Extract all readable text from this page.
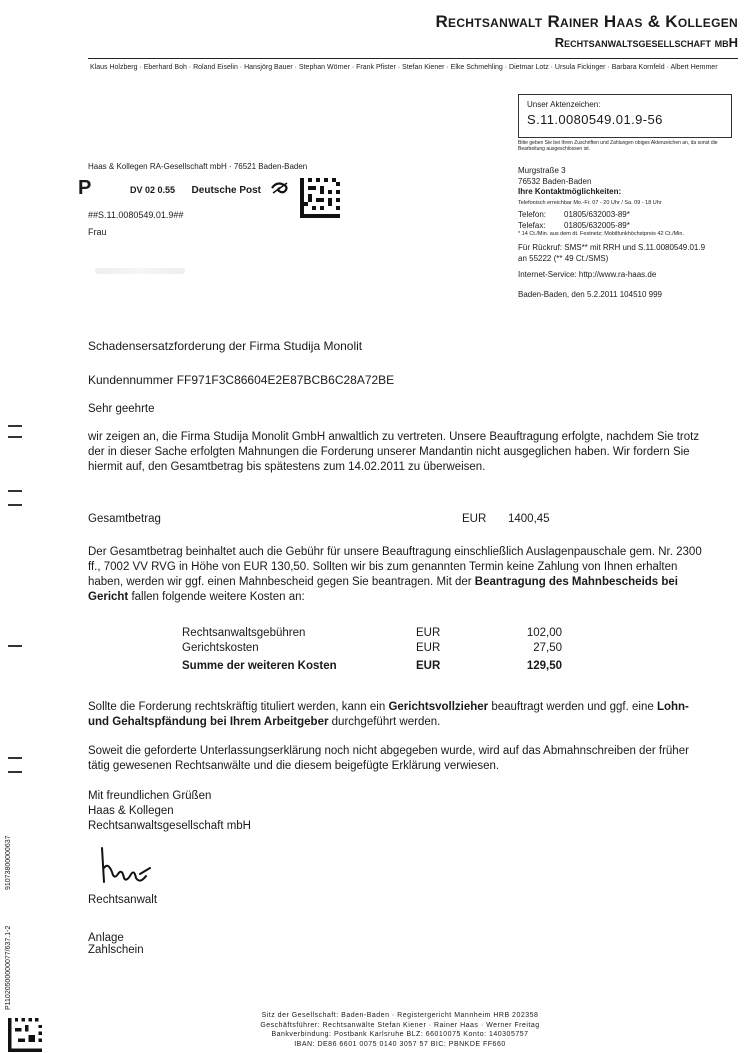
Rechtsanwalt Rainer Haas & Kollegen
Rechtsanwaltsgesellschaft mbH
Klaus Holzberg · Eberhard Boh · Roland Eiselin · Hansjörg Bauer · Stephan Wörner · Frank Pfister · Stefan Kiener · Elke Schmehling · Dietmar Lotz · Ursula Fickinger · Barbara Kornfeld · Albert Hemmer
Unser Aktenzeichen:
S.11.0080549.01.9-56
Bitte geben Sie bei Ihren Zuschriften und Zahlungen obiges Aktenzeichen an, da sonst die Bearbeitung ausgeschlossen ist.
Murgstraße 3
76532 Baden-Baden
Ihre Kontaktmöglichkeiten:
Telefonisch erreichbar Mo.-Fr. 07 - 20 Uhr / Sa. 09 - 18 Uhr
Telefon:	01805/632003-89*
Telefax:	01805/632005-89*
* 14 Ct./Min. aus dem dt. Festnetz; Mobilfunkhöchstpreis 42 Ct./Min.
Für Rückruf: SMS** mit RRH und S.11.0080549.01.9
an 55222 (** 49 Ct./SMS)
Internet-Service: http://www.ra-haas.de
Baden-Baden, den 5.2.2011 104510 999
Haas & Kollegen RA-Gesellschaft mbH · 76521 Baden-Baden
P	DV 02 0.55 Deutsche Post
##S.11.0080549.01.9##
Frau
Schadensersatzforderung der Firma Studija Monolit
Kundennummer FF971F3C86604E2E87BCB6C28A72BE
Sehr geehrte
wir zeigen an, die Firma Studija Monolit GmbH anwaltlich zu vertreten. Unsere Beauftragung erfolgte, nachdem Sie trotz der in dieser Sache erfolgten Mahnungen die Forderung unserer Mandantin nicht ausgeglichen haben. Wir fordern Sie hiermit auf, den Gesamtbetrag bis spätestens zum 14.02.2011 zu überweisen.
Gesamtbetrag	EUR	1400,45
Der Gesamtbetrag beinhaltet auch die Gebühr für unsere Beauftragung einschließlich Auslagenpauschale gem. Nr. 2300 ff., 7002 VV RVG in Höhe von EUR 130,50. Sollten wir bis zum genannten Termin keine Zahlung von Ihnen erhalten haben, werden wir ggf. einen Mahnbescheid gegen Sie beantragen. Mit der Beantragung des Mahnbescheids bei Gericht fallen folgende weitere Kosten an:
Rechtsanwaltsgebühren	EUR	102,00
Gerichtskosten	EUR	27,50
Summe der weiteren Kosten	EUR	129,50
Sollte die Forderung rechtskräftig tituliert werden, kann ein Gerichtsvollzieher beauftragt werden und ggf. eine Lohn- und Gehaltspfändung bei Ihrem Arbeitgeber durchgeführt werden.
Soweit die geforderte Unterlassungserklärung noch nicht abgegeben wurde, wird auf das Abmahnschreiben der früher tätig gewesenen Rechtsanwälte und die diesem beigefügte Erklärung verwiesen.
Mit freundlichen Grüßen
Haas & Kollegen
Rechtsanwaltsgesellschaft mbH
Rechtsanwalt
Anlage
Zahlschein
91073800000637
P11020500000077/637.1-2
Sitz der Gesellschaft: Baden-Baden · Registergericht Mannheim HRB 202358
Geschäftsführer: Rechtsanwälte Stefan Kiener · Rainer Haas · Werner Freitag
Bankverbindung: Postbank Karlsruhe BLZ: 66010075 Konto: 140305757
IBAN: DE86 6601 0075 0140 3057 57 BIC: PBNKDE FF660
